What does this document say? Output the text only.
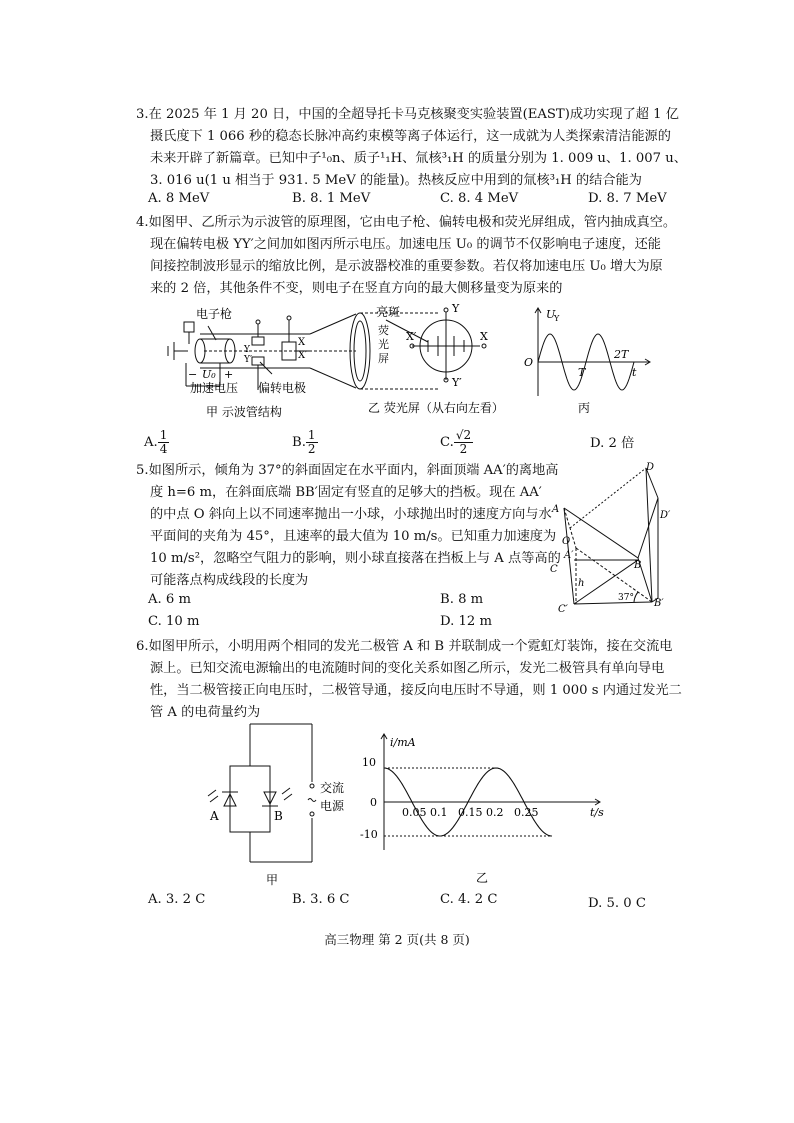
3.在 2025 年 1 月 20 日，中国的全超导托卡马克核聚变实验装置(EAST)成功实现了超 1 亿
摄氏度下 1 066 秒的稳态长脉冲高约束模等离子体运行，这一成就为人类探索清洁能源的
未来开辟了新篇章。已知中子¹₀n、质子¹₁H、氚核³₁H 的质量分别为 1. 009 u、1. 007 u、
3. 016 u(1 u 相当于 931. 5 MeV 的能量)。热核反应中用到的氚核³₁H 的结合能为
A. 8 MeV	B. 8. 1 MeV	C. 8. 4 MeV	D. 8. 7 MeV
4.如图甲、乙所示为示波管的原理图，它由电子枪、偏转电极和荧光屏组成，管内抽成真空。
现在偏转电极 YY′之间加如图丙所示电压。加速电压 U₀ 的调节不仅影响电子速度，还能
间接控制波形显示的缩放比例，是示波器校准的重要参数。若仅将加速电压 U₀ 增大为原
来的 2 倍，其他条件不变，则电子在竖直方向的最大侧移量变为原来的
电子枪
Y
Y′
X
X′
U₀
− +
加速电压 偏转电极
甲 示波管结构
亮斑
荧
光
屏
Y
Y′
X′	X
乙 荧光屏（从右向左看）
U
Y
O
T
2T
t
丙
A. $\frac{1}{4}$	B. $\frac{1}{2}$	C. $\frac{√2}{2}$	D. 2 倍
5.如图所示，倾角为 37°的斜面固定在水平面内，斜面顶端 AA′的离地高
度 h=6 m，在斜面底端 BB′固定有竖直的足够大的挡板。现在 AA′
的中点 O 斜向上以不同速率抛出一小球，小球抛出时的速度方向与水
平面间的夹角为 45°，且速率的最大值为 10 m/s。已知重力加速度为
10 m/s²，忽略空气阻力的影响，则小球直接落在挡板上与 A 点等高的
可能落点构成线段的长度为
A. 6 m	B. 8 m
C. 10 m	D. 12 m
A
A′
O
C
C′
h
B
B′
D
D′
37°
6.如图甲所示，小明用两个相同的发光二极管 A 和 B 并联制成一个霓虹灯装饰，接在交流电
源上。已知交流电源输出的电流随时间的变化关系如图乙所示，发光二极管具有单向导电
性，当二极管接正向电压时，二极管导通，接反向电压时不导通，则 1 000 s 内通过发光二
管 A 的电荷量约为
A	B
交流
电源
甲
0.05 0.1 0.15 0.2 0.25
i/mA
t/s
10
0
-10
乙
A. 3. 2 C	B. 3. 6 C	C. 4. 2 C	D. 5. 0 C
高三物理 第 2 页(共 8 页)
